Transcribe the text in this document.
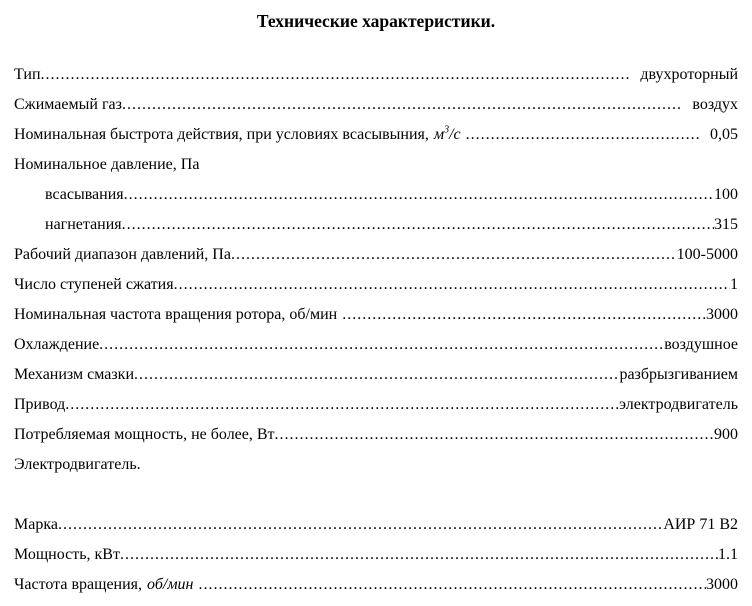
Технические характеристики.
Тип .....	двухроторный
Сжимаемый газ .....	воздух
Номинальная быстрота действия, при условиях всасывыния, $м^3/с$ .....	0,05
Номинальное давление, Па
всасывания .....	100
нагнетания .....	315
Рабочий диапазон давлений, Па .....	100-5000
Число ступеней сжатия .....	1
Номинальная частота вращения ротора, об/мин .....	3000
Охлаждение .....	воздушное
Механизм смазки .....	разбрызгиванием
Привод .....	электродвигатель
Потребляемая мощность, не более, Вт .....	900
Электродвигатель.
Марка .....	АИР 71 В2
Мощность, кВт .....	1.1
Частота вращения, об/мин .....	3000
